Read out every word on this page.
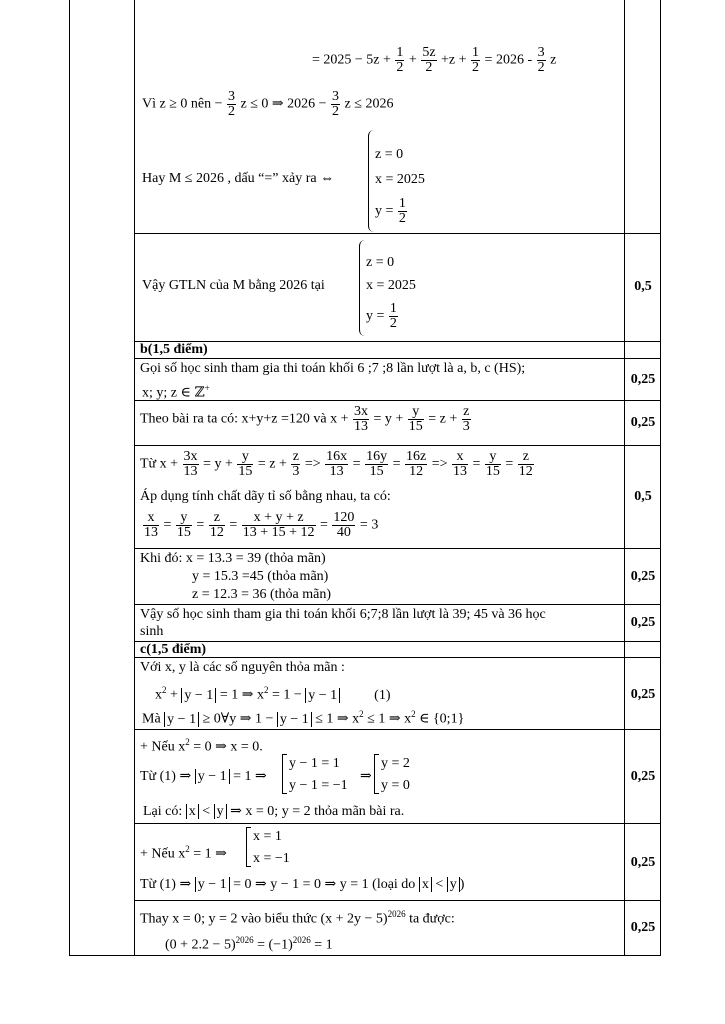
= $2025 - 5z + \frac{1}{2} + \frac{5z}{2} +z + \frac{1}{2} = 2026 - \frac{3}{2}$ z
Vì z ≥ 0 nên − $\frac{3}{2}$ z ≤ 0 ⇒ $2026 - \frac{3}{2}$ z ≤ 2026
Hay M ≤ 2026 , dấu “=” xảy ra ⇔
z = 0
x = 2025
$y = \frac{1}{2}$
Vậy GTLN của M bằng 2026 tại
z = 0
x = 2025
$y = \frac{1}{2}$
0,5
b(1,5 điểm)
Gọi số học sinh tham gia thi toán khối 6 ;7 ;8 lần lượt là a, b, c (HS);
x; y; z ∈ ℤ+
0,25
Theo bài ra ta có: x+y+z =120 và $x + \frac{3x}{13} = y + \frac{y}{15} = z + \frac{z}{3}$	0,25
Từ $x + \frac{3x}{13} = y + \frac{y}{15} = z + \frac{z}{3} => \frac{16x}{13} = \frac{16y}{15} = \frac{16z}{12} => \frac{x}{13} = \frac{y}{15} = \frac{z}{12}$
Áp dụng tính chất dãy tỉ số bằng nhau, ta có:
$\frac{x}{13} = \frac{y}{15} = \frac{z}{12} = \frac{x + y + z}{13 + 15 + 12} = \frac{120}{40} = 3$
0,5
Khi đó: x = 13.3 = 39 (thỏa mãn)
y = 15.3 =45 (thỏa mãn)
z = 12.3 = 36 (thỏa mãn)
0,25
Vậy số học sinh tham gia thi toán khối 6;7;8 lần lượt là 39; 45 và 36 học
sinh
0,25
c(1,5 điểm)
Với x, y là các số nguyên thỏa mãn :
$x^2 + y - 1 = 1$ ⇒ $x^2 = 1 - y - 1$	(1)
Mà y − 1 ≥ 0∀y ⇒ 1 − y − 1 ≤ 1 ⇒ $x^2 \le 1$ ⇒ $x^2$ ∈ {0;1}
0,25
+ Nếu $x^2 = 0$ ⇒ x = 0.
Từ (1) ⇒ y − 1 = 1 ⇒
y − 1 = 1
y − 1 = −1
⇒
y = 2
y = 0
Lại có: x < y ⇒ x = 0; y = 2 thỏa mãn bài ra.
0,25
+ Nếu $x^2 = 1$ ⇒
x = 1
x = −1
Từ (1) ⇒ y − 1 = 0 ⇒ y − 1 = 0 ⇒ y = 1 (loại do x < y )
0,25
Thay x = 0; y = 2 vào biểu thức $(x + 2y - 5)^{2026}$ ta được:
$(0 + 2.2 - 5)^{2026} = (-1)^{2026} = 1$
0,25
